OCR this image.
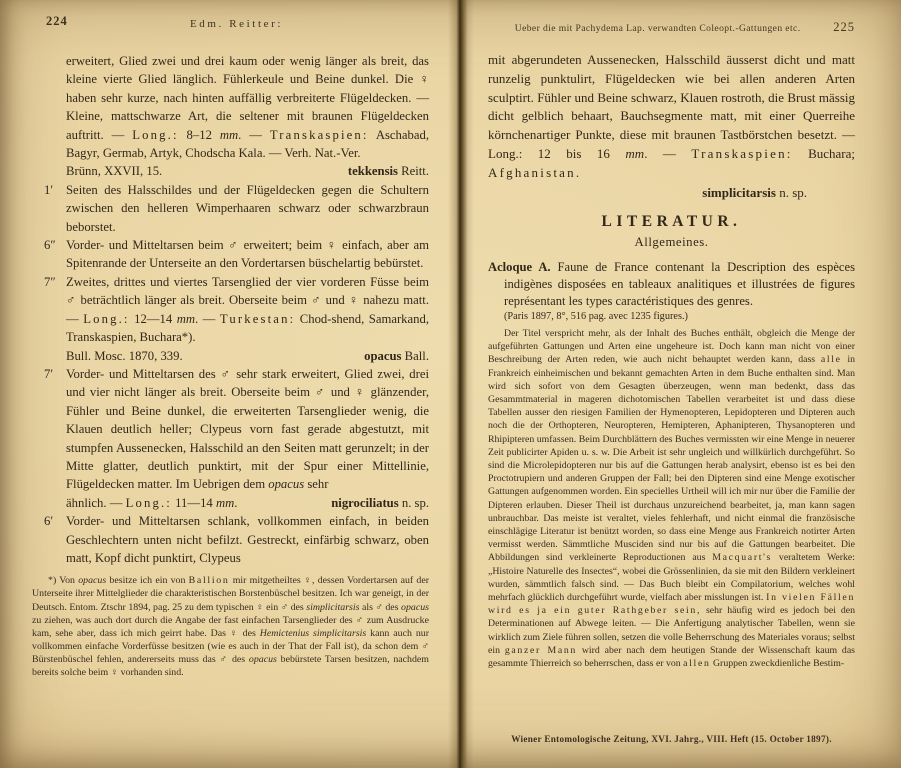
224	Edm. Reitter:

erweitert, Glied zwei und drei kaum oder wenig länger als breit, das kleine vierte Glied länglich. Fühlerkeule und Beine dunkel. Die ♀ haben sehr kurze, nach hinten auffällig verbreiterte Flügeldecken. — Kleine, mattschwarze Art, die seltener mit braunen Flügeldecken auftritt. — Long.: 8–12 mm. — Transkaspien: Aschabad, Bagyr, Germab, Artyk, Chodscha Kala. — Verh. Nat.-Ver.

Brünn, XXVII, 15.	tekkensis Reitt.

1′ Seiten des Halsschildes und der Flügeldecken gegen die Schultern zwischen den helleren Wimperhaaren schwarz oder schwarzbraun beborstet.

6″ Vorder- und Mitteltarsen beim ♂ erweitert; beim ♀ einfach, aber am Spitenrande der Unterseite an den Vordertarsen büschelartig bebürstet.

7″ Zweites, drittes und viertes Tarsenglied der vier vorderen Füsse beim ♂ beträchtlich länger als breit. Oberseite beim ♂ und ♀ nahezu matt. — Long.: 12—14 mm. — Turkestan: Chod-shend, Samarkand, Transkaspien, Buchara*).

Bull. Mosc. 1870, 339.	opacus Ball.

7′ Vorder- und Mitteltarsen des ♂ sehr stark erweitert, Glied zwei, drei und vier nicht länger als breit. Oberseite beim ♂ und ♀ glänzender, Fühler und Beine dunkel, die erweiterten Tarsenglieder wenig, die Klauen deutlich heller; Clypeus vorn fast gerade abgestutzt, mit stumpfen Aussenecken, Halsschild an den Seiten matt gerunzelt; in der Mitte glatter, deutlich punktirt, mit der Spur einer Mittellinie, Flügeldecken matter. Im Uebrigen dem opacus sehr

ähnlich. — Long.: 11—14 mm.	nigrociliatus n. sp.

6′ Vorder- und Mitteltarsen schlank, vollkommen einfach, in beiden Geschlechtern unten nicht befilzt. Gestreckt, einfärbig schwarz, oben matt, Kopf dicht punktirt, Clypeus

*) Von opacus besitze ich ein von Ballion mir mitgetheiltes ♀, dessen Vordertarsen auf der Unterseite ihrer Mittelglieder die charakteristischen Borstenbüschel besitzen. Ich war geneigt, in der Deutsch. Entom. Ztschr 1894, pag. 25 zu dem typischen ♀ ein ♂ des simplicitarsis als ♂ des opacus zu ziehen, was auch dort durch die Angabe der fast einfachen Tarsenglieder des ♂ zum Ausdrucke kam, sehe aber, dass ich mich geirrt habe. Das ♀ des Hemictenius simplicitarsis kann auch nur vollkommen einfache Vorderfüsse besitzen (wie es auch in der That der Fall ist), da schon dem ♂ Bürstenbüschel fehlen, andererseits muss das ♂ des opacus bebürstete Tarsen besitzen, nachdem bereits solche beim ♀ vorhanden sind.

Ueber die mit Pachydema Lap. verwandten Coleopt.-Gattungen etc.	225

mit abgerundeten Aussenecken, Halsschild äusserst dicht und matt runzelig punktulirt, Flügeldecken wie bei allen anderen Arten sculptirt. Fühler und Beine schwarz, Klauen rostroth, die Brust mässig dicht gelblich behaart, Bauchsegmente matt, mit einer Querreihe körnchenartiger Punkte, diese mit braunen Tastbörstchen besetzt. — Long.: 12 bis 16 mm. — Transkaspien: Buchara; Afghanistan.

simplicitarsis n. sp.
LITERATUR.
Allgemeines.

Acloque A. Faune de France contenant la Description des espèces indigènes disposées en tableaux analitiques et illustrées de figures représentant les types caractéristiques des genres.

(Paris 1897, 8°, 516 pag. avec 1235 figures.)

Der Titel verspricht mehr, als der Inhalt des Buches enthält, obgleich die Menge der aufgeführten Gattungen und Arten eine ungeheure ist. Doch kann man nicht von einer Beschreibung der Arten reden, wie auch nicht behauptet werden kann, dass alle in Frankreich einheimischen und bekannt gemachten Arten in dem Buche enthalten sind. Man wird sich sofort von dem Gesagten überzeugen, wenn man bedenkt, dass das Gesammtmaterial in mageren dichotomischen Tabellen verarbeitet ist und dass diese Tabellen ausser den riesigen Familien der Hymenopteren, Lepidopteren und Dipteren auch noch die der Orthopteren, Neuropteren, Hemipteren, Aphanipteren, Thysanopteren und Rhipipteren umfassen. Beim Durchblättern des Buches vermissten wir eine Menge in neuerer Zeit publicirter Apiden u. s. w. Die Arbeit ist sehr ungleich und willkürlich durchgeführt. So sind die Microlepidopteren nur bis auf die Gattungen herab analysirt, ebenso ist es bei den Proctotrupiern und anderen Gruppen der Fall; bei den Dipteren sind eine Menge exotischer Gattungen aufgenommen worden. Ein specielles Urtheil will ich mir nur über die Familie der Dipteren erlauben. Dieser Theil ist durchaus unzureichend bearbeitet, ja, man kann sagen unbrauchbar. Das meiste ist veraltet, vieles fehlerhaft, und nicht einmal die französische einschlägige Literatur ist benützt worden, so dass eine Menge aus Frankreich notirter Arten vermisst werden. Sämmtliche Musciden sind nur bis auf die Gattungen bearbeitet. Die Abbildungen sind verkleinerte Reproductionen aus Macquart's veraltetem Werke: „Histoire Naturelle des Insectes“, wobei die Grössenlinien, da sie mit den Bildern verkleinert wurden, sämmtlich falsch sind. — Das Buch bleibt ein Compilatorium, welches wohl mehrfach glücklich durchgeführt wurde, vielfach aber misslungen ist. In vielen Fällen wird es ja ein guter Rathgeber sein, sehr häufig wird es jedoch bei den Determinationen auf Abwege leiten. — Die Anfertigung analytischer Tabellen, wenn sie wirklich zum Ziele führen sollen, setzen die volle Beherrschung des Materiales voraus; selbst ein ganzer Mann wird aber nach dem heutigen Stande der Wissenschaft kaum das gesammte Thierreich so beherrschen, dass er von allen Gruppen zweckdienliche Bestim-

Wiener Entomologische Zeitung, XVI. Jahrg., VIII. Heft (15. October 1897).
